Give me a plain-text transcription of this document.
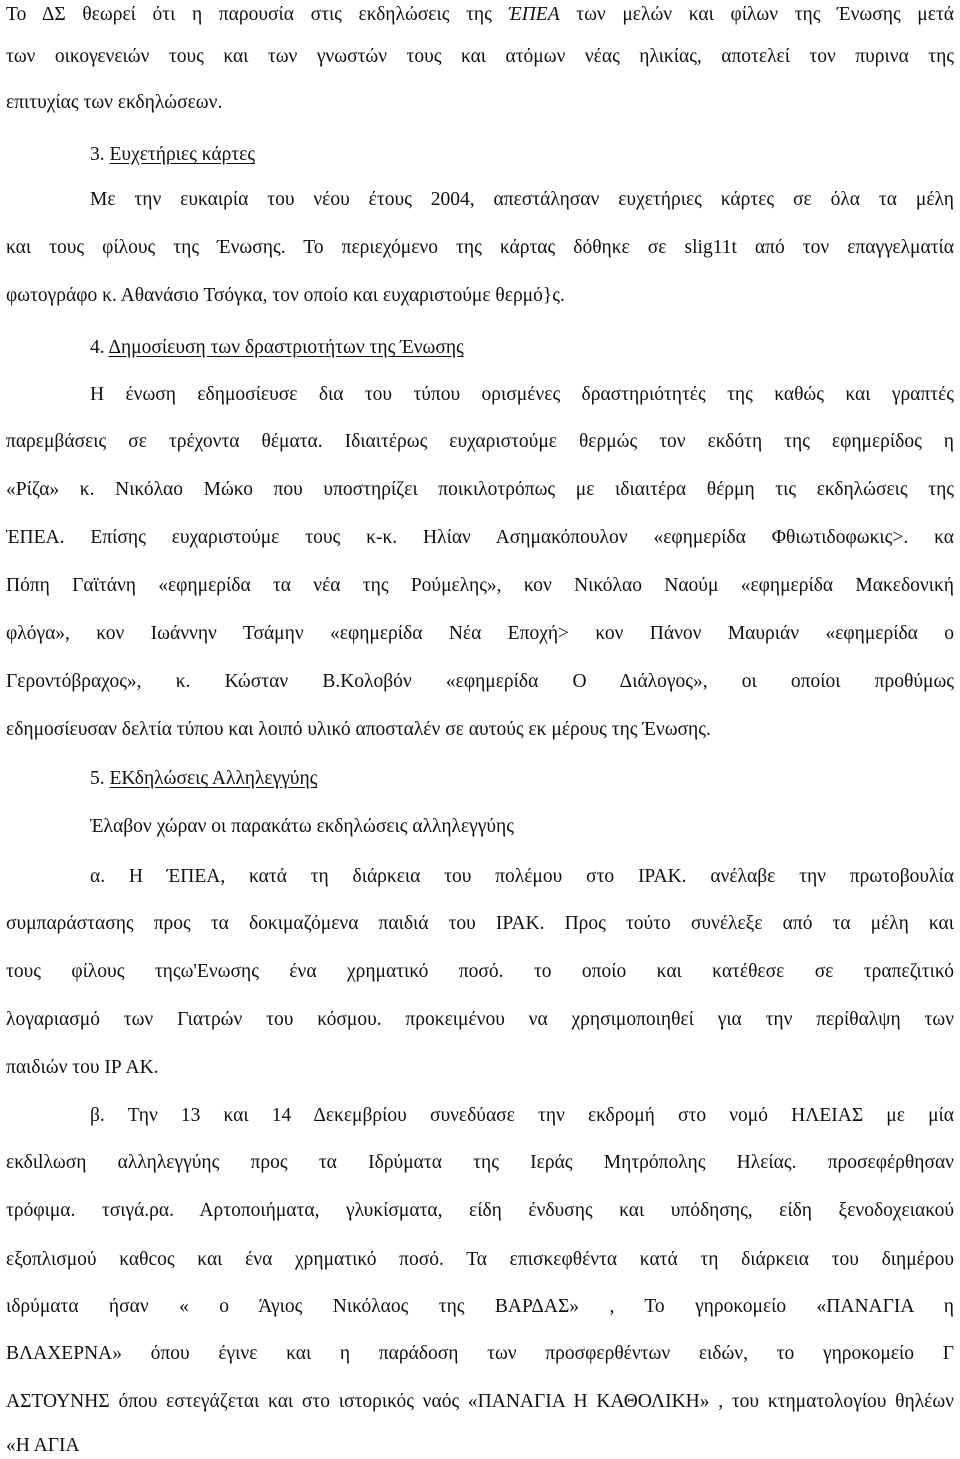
Το ΔΣ θεωρεί ότι η παρουσία στις εκδηλώσεις της ΈΠΕΑ των μελών και φίλων της Ένωσης μετά
των οικογενειών τους και των γνωστών τους και ατόμων νέας ηλικίας, αποτελεί τον πυρινα της
επιτυχίας των εκδηλώσεων.
3. Ευχετήριες κάρτες
Με την ευκαιρία του νέου έτους 2004, απεστάλησαν ευχετήριες κάρτες σε όλα τα μέλη
και τους φίλους της Ένωσης. Το περιεχόμενο της κάρτας δόθηκε σε slig11t από τον επαγγελματία
φωτογράφο κ. Αθανάσιο Τσόγκα, τον οποίο και ευχαριστούμε θερμό}ς.
4. Δημοσίευση των δραστριοτήτων της Ένωσης
Η ένωση εδημοσίευσε δια του τύπου ορισμένες δραστηριότητές της καθώς και γραπτές
παρεμβάσεις σε τρέχοντα θέματα. Ιδιαιτέρως ευχαριστούμε θερμώς τον εκδότη της εφημερίδος η
«Ρίζα» κ. Νικόλαο Μώκο που υποστηρίζει ποικιλοτρόπως με ιδιαιτέρα θέρμη τις εκδηλώσεις της
ΈΠΕΑ. Επίσης ευχαριστούμε τους κ-κ. Ηλίαν Ασημακόπουλον «εφημερίδα Φθιωτιδοφωκις>. κα
Πόπη Γαϊτάνη «εφημερίδα τα νέα της Ρούμελης», κον Νικόλαο Ναούμ «εφημερίδα Μακεδονική
φλόγα», κον Ιωάννην Τσάμην «εφημερίδα Νέα Εποχή> κον Πάνον Μαυριάν «εφημερίδα ο
Γεροντόβραχος», κ. Κώσταν Β.Κολοβόν «εφημερίδα Ο Διάλογος», οι οποίοι προθύμως
εδημοσίευσαν δελτία τύπου και λοιπό υλικό αποσταλέν σε αυτούς εκ μέρους της Ένωσης.
5. ΕΚδηλώσεις Αλληλεγγύης
Έλαβον χώραν οι παρακάτω εκδηλώσεις αλληλεγγύης
α. Η ΈΠΕΑ, κατά τη διάρκεια του πολέμου στο ΙΡΑΚ. ανέλαβε την πρωτοβουλία
συμπαράστασης προς τα δοκιμαζόμενα παιδιά του ΙΡΑΚ. Προς τούτο συνέλεξε από τα μέλη και
τους φίλους τηςω'Ενωσης ένα χρηματικό ποσό. το οποίο και κατέθεσε σε τραπεζιτικό
λογαριασμό των Γιατρών του κόσμου. προκειμένου να χρησιμοποιηθεί για την περίθαλψη των
παιδιών του ΙΡ ΑΚ.
β. Την 13 και 14 Δεκεμβρίου συνεδύασε την εκδρομή στο νομό ΗΛΕΙΑΣ με μία
εκδιlλωση αλληλεγγύης προς τα Ιδρύματα της Ιεράς Μητρόπολης Ηλείας. προσεφέρθησαν
τρόφιμα. τσιγά.ρα. Αρτοποιήματα, γλυκίσματα, είδη ένδυσης και υπόδησης, είδη ξενοδοχειακού
εξοπλισμού καθcος και ένα χρηματικό ποσό. Τα επισκεφθέντα κατά τη διάρκεια του διημέρου
ιδρύματα ήσαν « ο Άγιος Νικόλαος της ΒΑΡΔΑΣ» , Το γηροκομείο «ΠΑΝΑΓΙΑ η
ΒΛΑΧΕΡΝΑ» όπου έγινε και η παράδοση των προσφερθέντων ειδών, το γηροκομείο Γ
ΑΣΤΟΥΝΗΣ όπου εστεγάζεται και στο ιστορικός ναός «ΠΑΝΑΓΙΑ Η ΚΑΘΟΛΙΚΗ» , του κτηματολογίου θηλέων
«Η ΑΓΙΑ
